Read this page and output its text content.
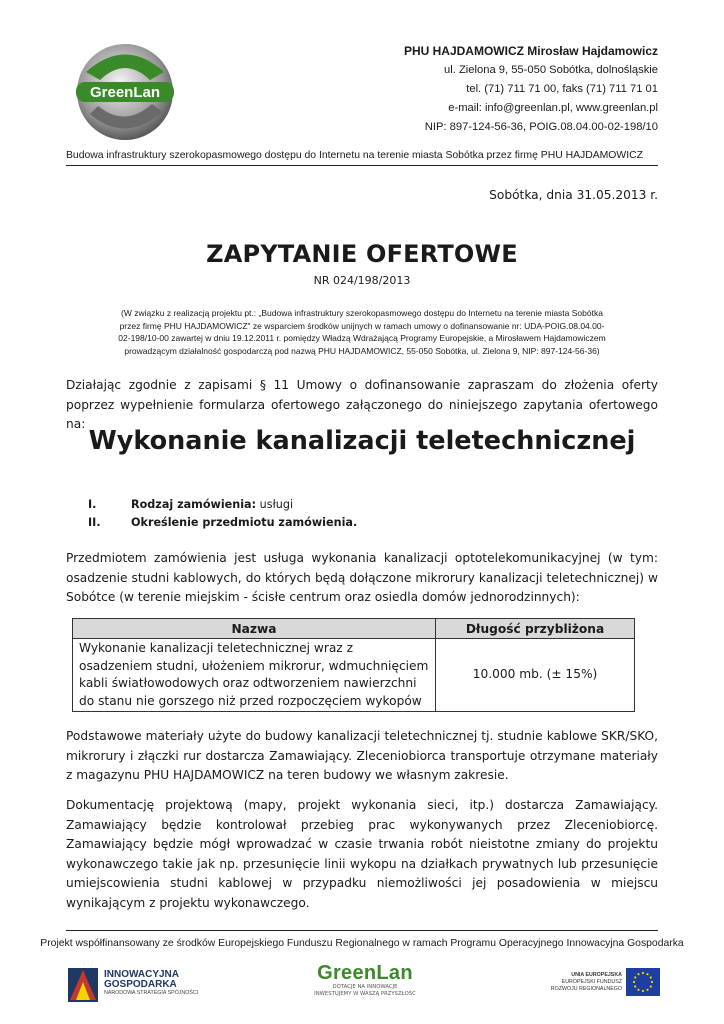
GreenLan
PHU HAJDAMOWICZ Mirosław Hajdamowicz
ul. Zielona 9, 55-050 Sobótka, dolnośląskie
tel. (71) 711 71 00, faks (71) 711 71 01
e-mail: info@greenlan.pl, www.greenlan.pl
NIP: 897-124-56-36, POIG.08.04.00-02-198/10
Budowa infrastruktury szerokopasmowego dostępu do Internetu na terenie miasta Sobótka przez firmę PHU HAJDAMOWICZ
Sobótka, dnia 31.05.2013 r.
ZAPYTANIE OFERTOWE
NR 024/198/2013
(W związku z realizacją projektu pt.: „Budowa infrastruktury szerokopasmowego dostępu do Internetu na terenie miasta Sobótka przez firmę PHU HAJDAMOWICZ" ze wsparciem środków unijnych w ramach umowy o dofinansowanie nr: UDA-POIG.08.04.00-02-198/10-00 zawartej w dniu 19.12.2011 r. pomiędzy Władzą Wdrażającą Programy Europejskie, a Mirosławem Hajdamowiczem prowadzącym działalność gospodarczą pod nazwą PHU HAJDAMOWICZ, 55-050 Sobótka, ul. Zielona 9, NIP: 897-124-56-36)
Działając zgodnie z zapisami § 11 Umowy o dofinansowanie zapraszam do złożenia oferty poprzez wypełnienie formularza ofertowego załączonego do niniejszego zapytania ofertowego na:
Wykonanie kanalizacji teletechnicznej
I.	Rodzaj zamówienia: usługi
II.	Określenie przedmiotu zamówienia.
Przedmiotem zamówienia jest usługa wykonania kanalizacji optotelekomunikacyjnej (w tym: osadzenie studni kablowych, do których będą dołączone mikrorury kanalizacji teletechnicznej) w Sobótce (w terenie miejskim - ścisłe centrum oraz osiedla domów jednorodzinnych):
Nazwa	Długość przybliżona
Wykonanie kanalizacji teletechnicznej wraz z osadzeniem studni, ułożeniem mikrorur, wdmuchnięciem kabli światłowodowych oraz odtworzeniem nawierzchni do stanu nie gorszego niż przed rozpoczęciem wykopów	10.000 mb. (± 15%)
Podstawowe materiały użyte do budowy kanalizacji teletechnicznej tj. studnie kablowe SKR/SKO, mikrorury i złączki rur dostarcza Zamawiający. Zleceniobiorca transportuje otrzymane materiały z magazynu PHU HAJDAMOWICZ na teren budowy we własnym zakresie.
Dokumentację projektową (mapy, projekt wykonania sieci, itp.) dostarcza Zamawiający. Zamawiający będzie kontrolował przebieg prac wykonywanych przez Zleceniobiorcę. Zamawiający będzie mógł wprowadzać w czasie trwania robót nieistotne zmiany do projektu wykonawczego takie jak np. przesunięcie linii wykopu na działkach prywatnych lub przesunięcie umiejscowienia studni kablowej w przypadku niemożliwości jej posadowienia w miejscu wynikającym z projektu wykonawczego.
Projekt współfinansowany ze środków Europejskiego Funduszu Regionalnego w ramach Programu Operacyjnego Innowacyjna Gospodarka
INNOWACYJNA
GOSPODARKA
NARODOWA STRATEGIA SPÓJNOŚCI
GreenLan
DOTACJE NA INNOWACJE
INWESTUJEMY W WASZĄ PRZYSZŁOŚĆ
UNIA EUROPEJSKA
EUROPEJSKI FUNDUSZ
ROZWOJU REGIONALNEGO
